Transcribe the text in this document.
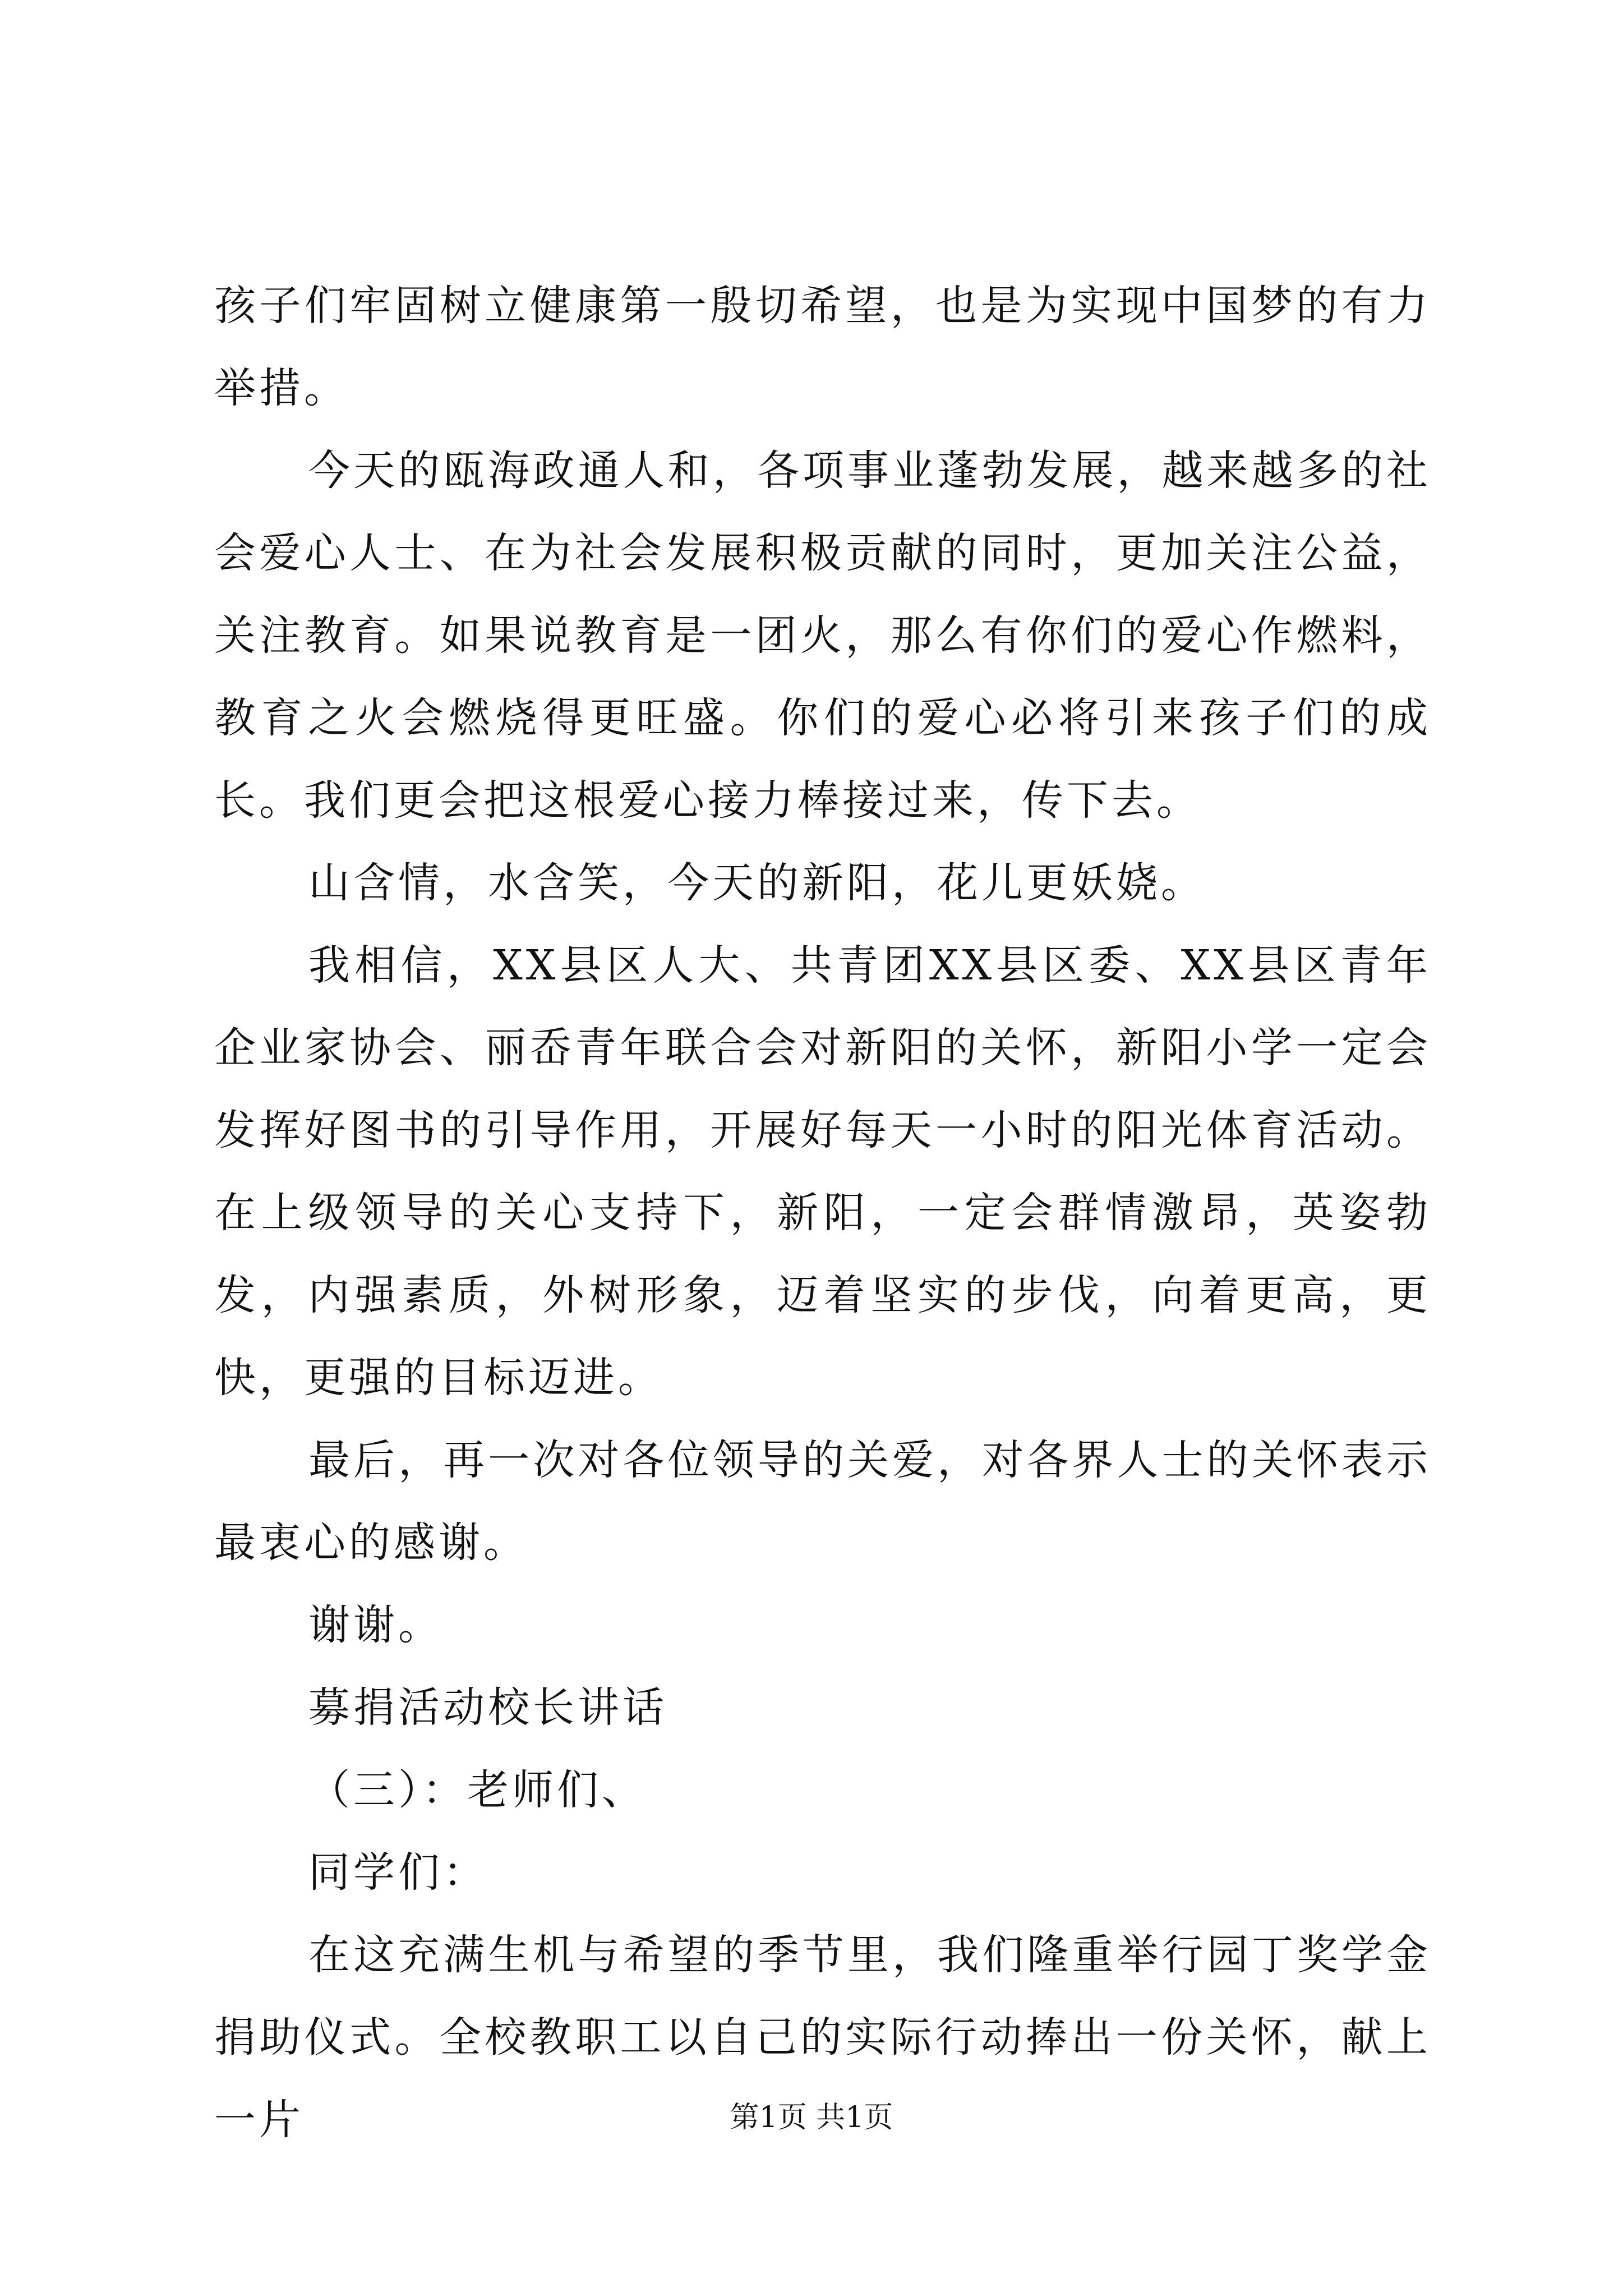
孩子们牢固树立健康第一殷切希望，也是为实现中国梦的有力举措。

今天的瓯海政通人和，各项事业蓬勃发展，越来越多的社会爱心人士、在为社会发展积极贡献的同时，更加关注公益，关注教育。如果说教育是一团火，那么有你们的爱心作燃料，教育之火会燃烧得更旺盛。你们的爱心必将引来孩子们的成长。我们更会把这根爱心接力棒接过来，传下去。

山含情，水含笑，今天的新阳，花儿更妖娆。

我相信，XX县区人大、共青团XX县区委、XX县区青年企业家协会、丽岙青年联合会对新阳的关怀，新阳小学一定会发挥好图书的引导作用，开展好每天一小时的阳光体育活动。在上级领导的关心支持下，新阳，一定会群情激昂，英姿勃发，内强素质，外树形象，迈着坚实的步伐，向着更高，更快，更强的目标迈进。

最后，再一次对各位领导的关爱，对各界人士的关怀表示最衷心的感谢。

谢谢。

募捐活动校长讲话

（三）：老师们、

同学们：

在这充满生机与希望的季节里，我们隆重举行园丁奖学金捐助仪式。全校教职工以自己的实际行动捧出一份关怀，献上一片	第1页 共1页
